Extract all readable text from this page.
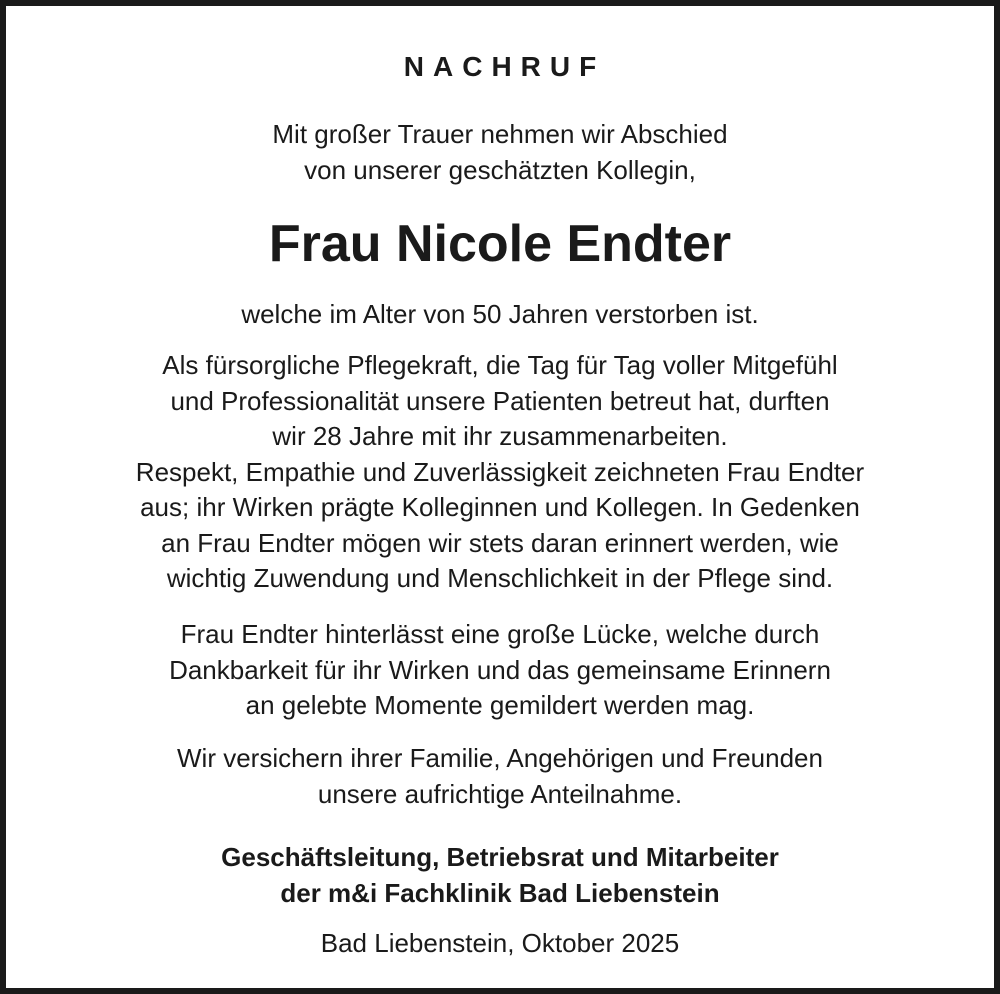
NACHRUF
Mit großer Trauer nehmen wir Abschied
von unserer geschätzten Kollegin,
Frau Nicole Endter
welche im Alter von 50 Jahren verstorben ist.
Als fürsorgliche Pflegekraft, die Tag für Tag voller Mitgefühl
und Professionalität unsere Patienten betreut hat, durften
wir 28 Jahre mit ihr zusammenarbeiten.
Respekt, Empathie und Zuverlässigkeit zeichneten Frau Endter
aus; ihr Wirken prägte Kolleginnen und Kollegen. In Gedenken
an Frau Endter mögen wir stets daran erinnert werden, wie
wichtig Zuwendung und Menschlichkeit in der Pflege sind.
Frau Endter hinterlässt eine große Lücke, welche durch
Dankbarkeit für ihr Wirken und das gemeinsame Erinnern
an gelebte Momente gemildert werden mag.
Wir versichern ihrer Familie, Angehörigen und Freunden
unsere aufrichtige Anteilnahme.
Geschäftsleitung, Betriebsrat und Mitarbeiter
der m&i Fachklinik Bad Liebenstein
Bad Liebenstein, Oktober 2025
